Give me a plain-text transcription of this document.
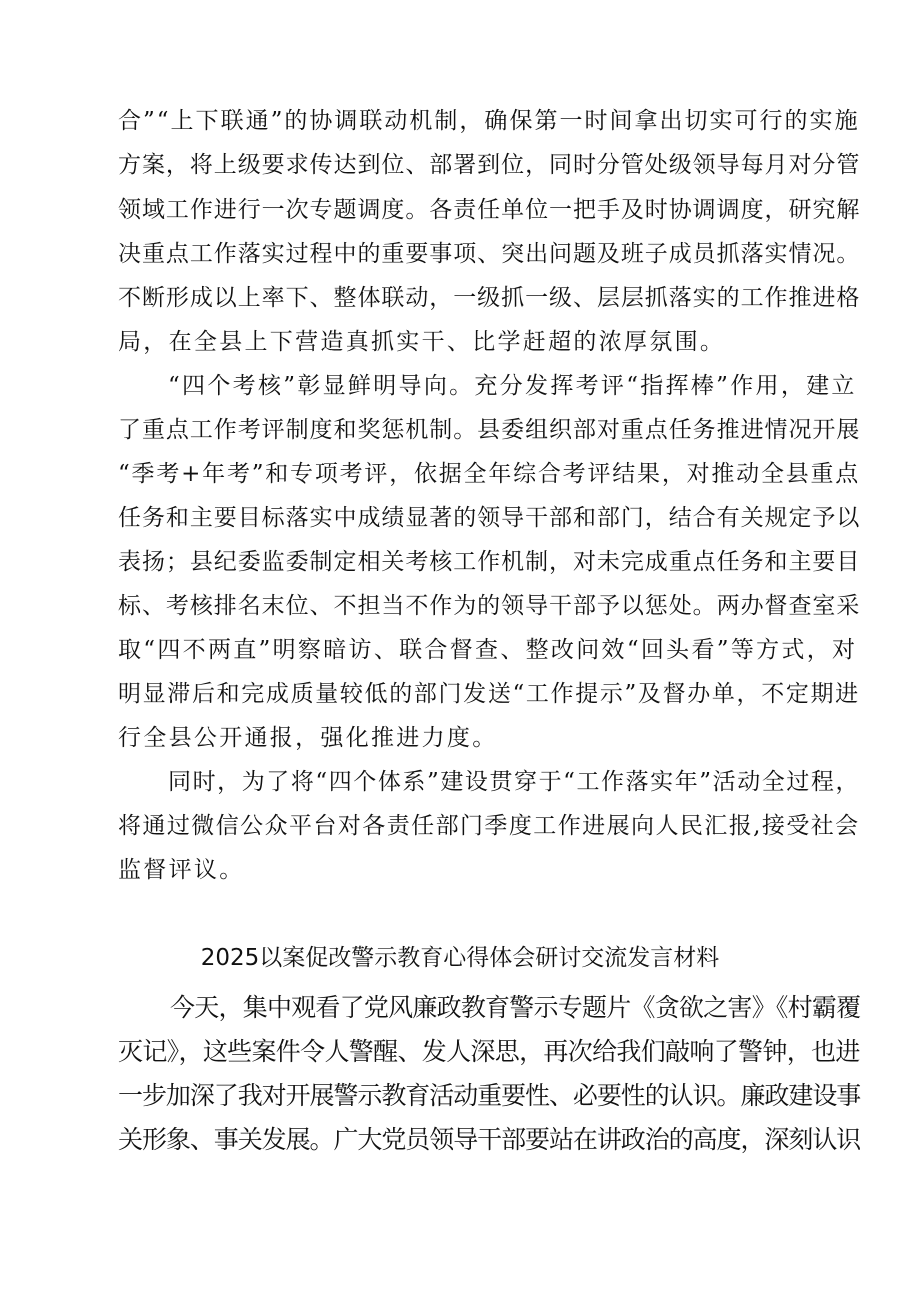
合”“上下联通”的协调联动机制，确保第一时间拿出切实可行的实施
方案，将上级要求传达到位、部署到位，同时分管处级领导每月对分管
领域工作进行一次专题调度。各责任单位一把手及时协调调度，研究解
决重点工作落实过程中的重要事项、突出问题及班子成员抓落实情况。
不断形成以上率下、整体联动，一级抓一级、层层抓落实的工作推进格
局，在全县上下营造真抓实干、比学赶超的浓厚氛围。
“四个考核”彰显鲜明导向。充分发挥考评“指挥棒”作用，建立
了重点工作考评制度和奖惩机制。县委组织部对重点任务推进情况开展
“季考+年考”和专项考评，依据全年综合考评结果，对推动全县重点
任务和主要目标落实中成绩显著的领导干部和部门，结合有关规定予以
表扬；县纪委监委制定相关考核工作机制，对未完成重点任务和主要目
标、考核排名末位、不担当不作为的领导干部予以惩处。两办督查室采
取“四不两直”明察暗访、联合督查、整改问效“回头看”等方式，对
明显滞后和完成质量较低的部门发送“工作提示”及督办单，不定期进
行全县公开通报，强化推进力度。
同时，为了将“四个体系”建设贯穿于“工作落实年”活动全过程，
将通过微信公众平台对各责任部门季度工作进展向人民汇报,接受社会
监督评议。
2025以案促改警示教育心得体会研讨交流发言材料
今天，集中观看了党风廉政教育警示专题片《贪欲之害》《村霸覆
灭记》，这些案件令人警醒、发人深思，再次给我们敲响了警钟，也进
一步加深了我对开展警示教育活动重要性、必要性的认识。廉政建设事
关形象、事关发展。广大党员领导干部要站在讲政治的高度，深刻认识
